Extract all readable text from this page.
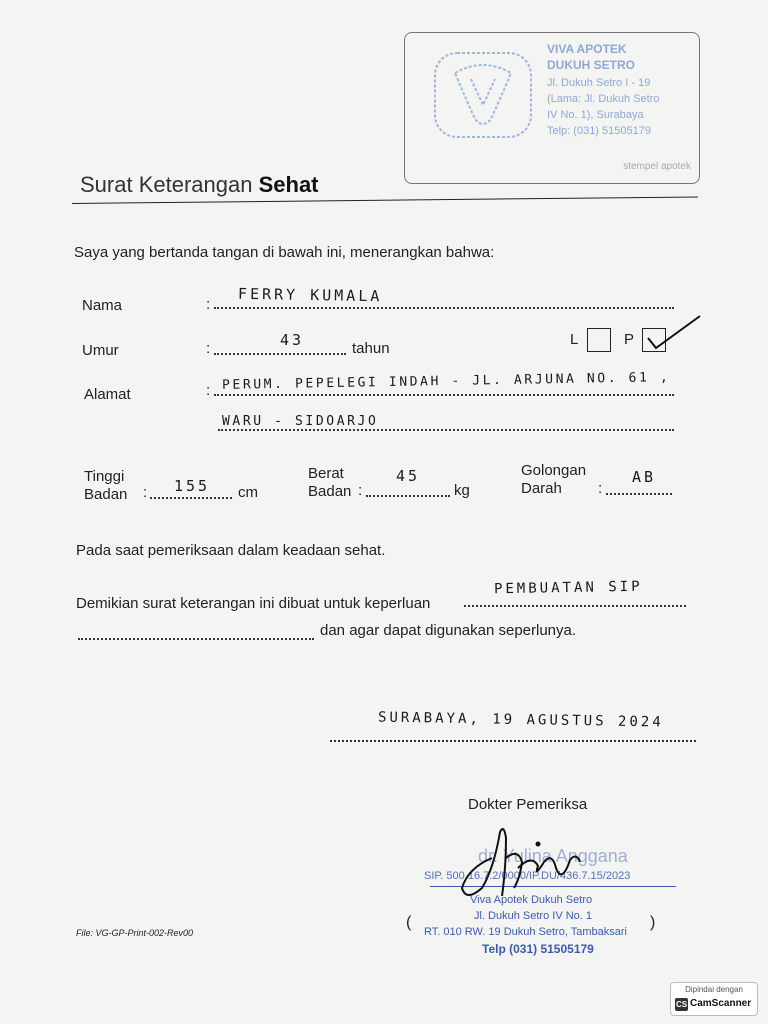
VIVA APOTEK
DUKUH SETRO
Jl. Dukuh Setro I - 19
(Lama: Jl. Dukuh Setro
IV No. 1), Surabaya
Telp: (031) 51505179
stempel apotek
Surat Keterangan Sehat
Saya yang bertanda tangan di bawah ini, menerangkan bahwa:
Nama	: FERRY KUMALA
Umur	:	43	tahun
L	P
Alamat	: PERUM. PEPELEGI INDAH - JL. ARJUNA NO. 61 ,
WARU - SIDOARJO
Tinggi
Badan : 155 cm
Berat
Badan :
45
kg
Golongan
Darah :
AB
Pada saat pemeriksaan dalam keadaan sehat.
Demikian surat keterangan ini dibuat untuk keperluan
PEMBUATAN SIP
dan agar dapat digunakan seperlunya.
SURABAYA, 19 AGUSTUS 2024
Dokter Pemeriksa
dr. Yulina Anggana
SIP. 500.16.7.2/0000/IP.DU/436.7.15/2023
Viva Apotek Dukuh Setro
Jl. Dukuh Setro IV No. 1
RT. 010 RW. 19 Dukuh Setro, Tambaksari
Telp (031) 51505179
(	)
File: VG-GP-Print-002-Rev00
Dipindai dengan
CS CamScanner
